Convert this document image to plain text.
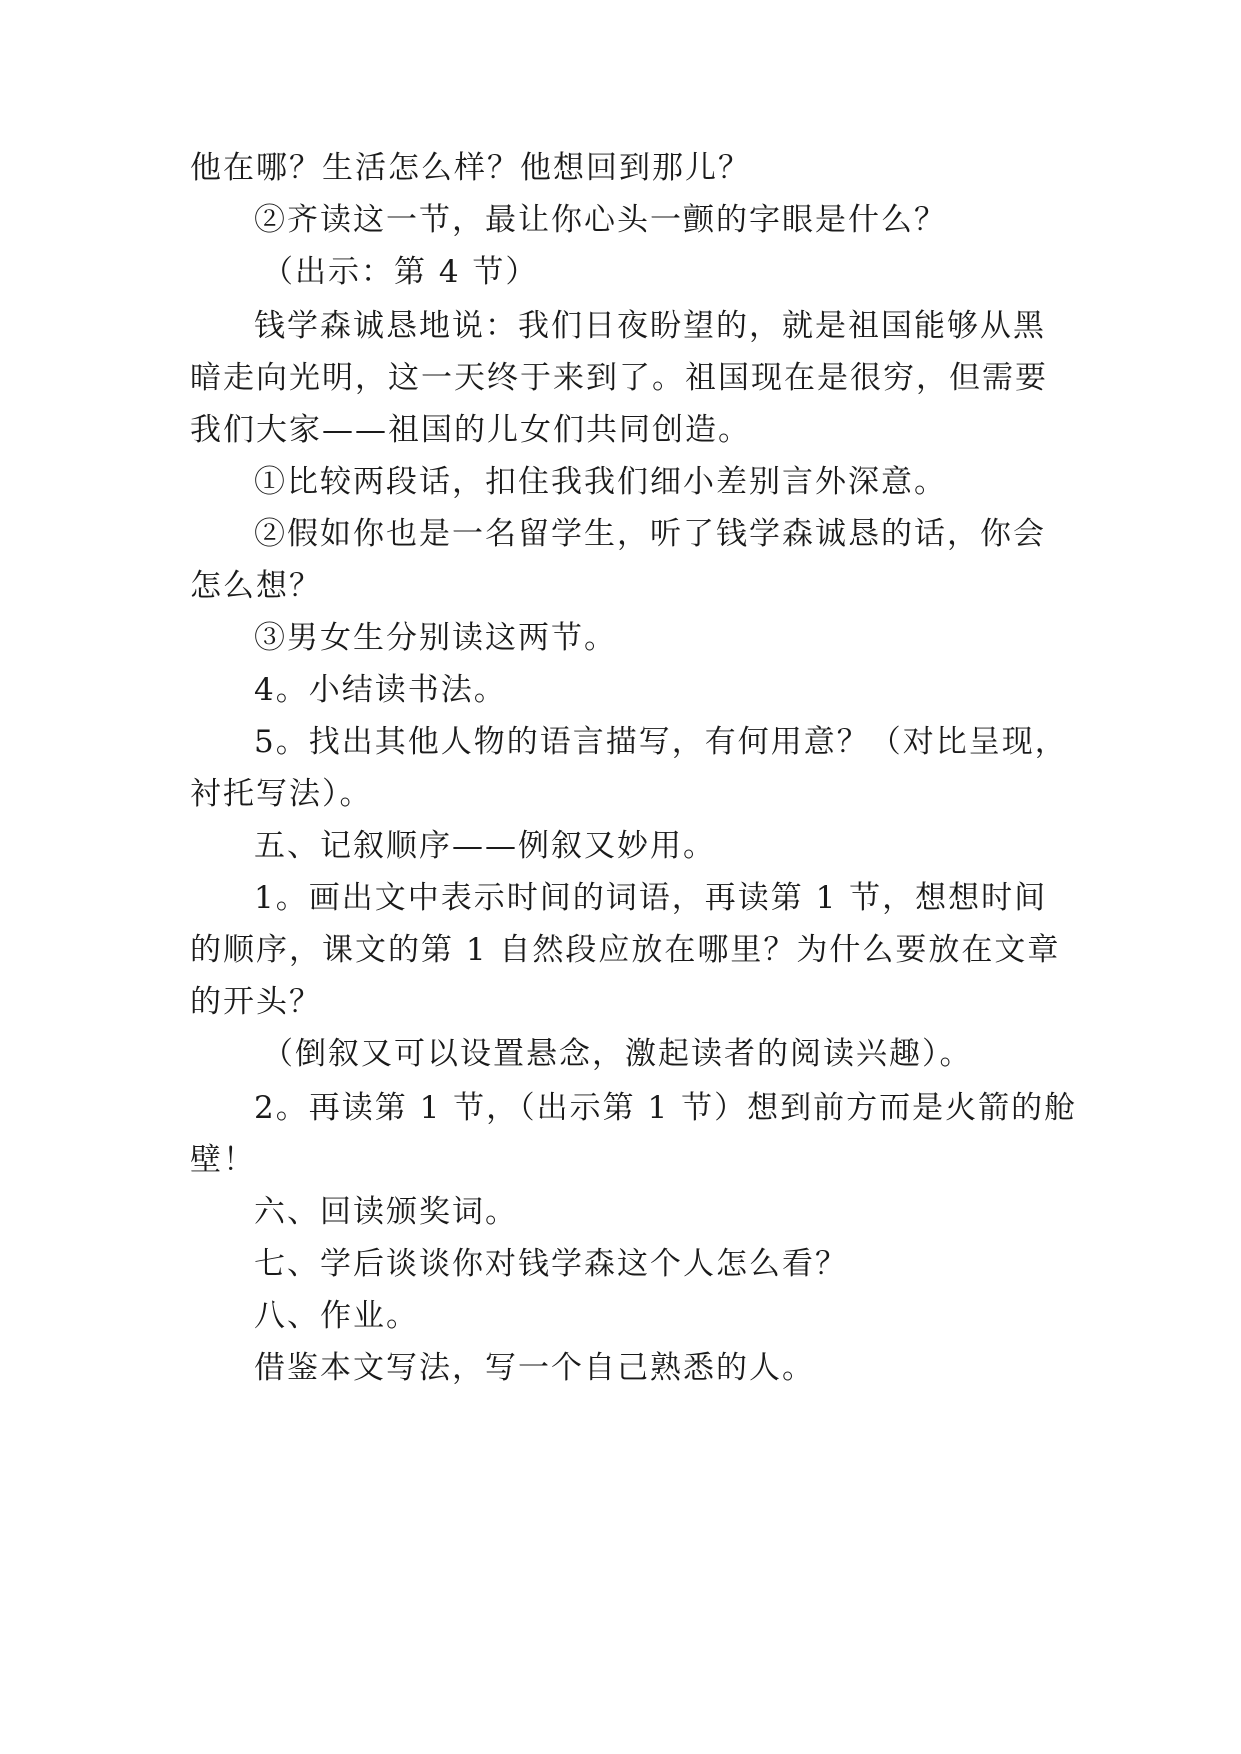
他在哪？生活怎么样？他想回到那儿？
②齐读这一节，最让你心头一颤的字眼是什么？
（出示：第 4 节）
钱学森诚恳地说：我们日夜盼望的，就是祖国能够从黑
暗走向光明，这一天终于来到了。祖国现在是很穷，但需要
我们大家——祖国的儿女们共同创造。
①比较两段话，扣住我我们细小差别言外深意。
②假如你也是一名留学生，听了钱学森诚恳的话，你会
怎么想？
③男女生分别读这两节。
4。小结读书法。
5。找出其他人物的语言描写，有何用意？（对比呈现，
衬托写法）。
五、记叙顺序——例叙又妙用。
1。画出文中表示时间的词语，再读第 1 节，想想时间
的顺序，课文的第 1 自然段应放在哪里？为什么要放在文章
的开头？
（倒叙又可以设置悬念，激起读者的阅读兴趣）。
2。再读第 1 节，（出示第 1 节）想到前方而是火箭的舱
壁！
六、回读颁奖词。
七、学后谈谈你对钱学森这个人怎么看？
八、作业。
借鉴本文写法，写一个自己熟悉的人。
